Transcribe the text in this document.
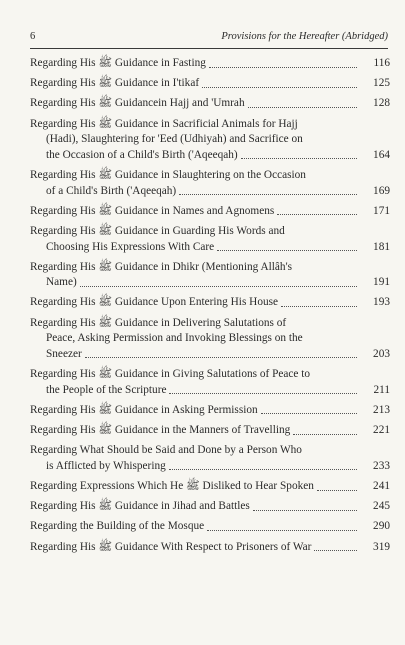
6	Provisions for the Hereafter (Abridged)
Regarding His ﷺ Guidance in Fasting	116
Regarding His ﷺ Guidance in I'tikaf	125
Regarding His ﷺ Guidancein Hajj and 'Umrah	128
Regarding His ﷺ Guidance in Sacrificial Animals for Hajj
(Hadi), Slaughtering for 'Eed (Udhiyah) and Sacrifice on
the Occasion of a Child's Birth ('Aqeeqah)	164
Regarding His ﷺ Guidance in Slaughtering on the Occasion
of a Child's Birth ('Aqeeqah)	169
Regarding His ﷺ Guidance in Names and Agnomens	171
Regarding His ﷺ Guidance in Guarding His Words and
Choosing His Expressions With Care	181
Regarding His ﷺ Guidance in Dhikr (Mentioning Allâh's
Name)	191
Regarding His ﷺ Guidance Upon Entering His House	193
Regarding His ﷺ Guidance in Delivering Salutations of
Peace, Asking Permission and Invoking Blessings on the
Sneezer	203
Regarding His ﷺ Guidance in Giving Salutations of Peace to
the People of the Scripture	211
Regarding His ﷺ Guidance in Asking Permission	213
Regarding His ﷺ Guidance in the Manners of Travelling	221
Regarding What Should be Said and Done by a Person Who
is Afflicted by Whispering	233
Regarding Expressions Which He ﷺ Disliked to Hear Spoken	241
Regarding His ﷺ Guidance in Jihad and Battles	245
Regarding the Building of the Mosque	290
Regarding His ﷺ Guidance With Respect to Prisoners of War	319
